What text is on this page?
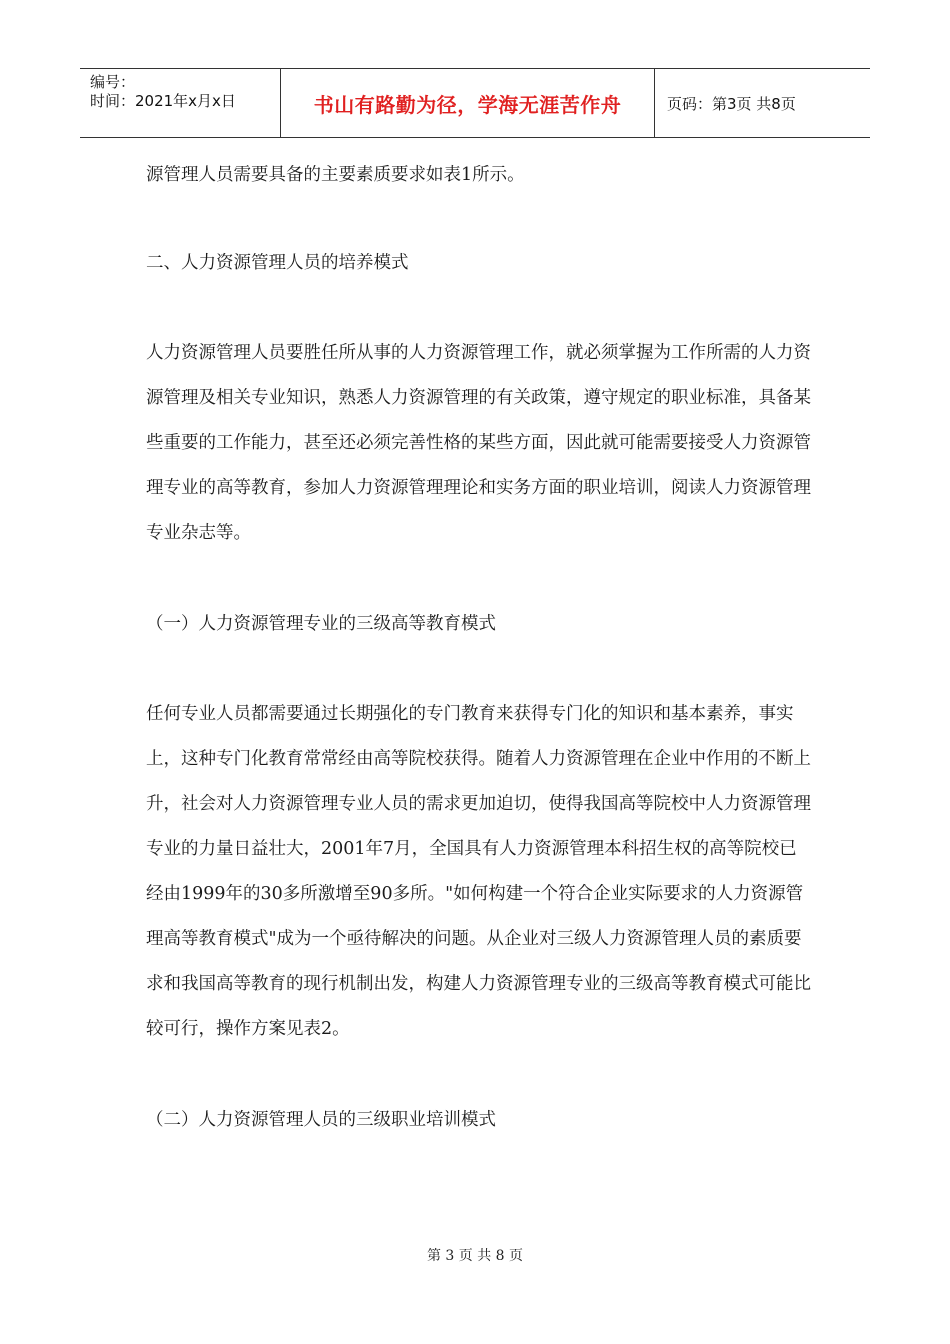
编号：
时间：2021年x月x日	书山有路勤为径，学海无涯苦作舟	页码：第3页 共8页

源管理人员需要具备的主要素质要求如表1所示。

二、人力资源管理人员的培养模式

人力资源管理人员要胜任所从事的人力资源管理工作，就必须掌握为工作所需的人力资源管理及相关专业知识，熟悉人力资源管理的有关政策，遵守规定的职业标准，具备某些重要的工作能力，甚至还必须完善性格的某些方面，因此就可能需要接受人力资源管理专业的高等教育，参加人力资源管理理论和实务方面的职业培训，阅读人力资源管理专业杂志等。

（一）人力资源管理专业的三级高等教育模式

任何专业人员都需要通过长期强化的专门教育来获得专门化的知识和基本素养，事实上，这种专门化教育常常经由高等院校获得。随着人力资源管理在企业中作用的不断上升，社会对人力资源管理专业人员的需求更加迫切，使得我国高等院校中人力资源管理专业的力量日益壮大，2001年7月，全国具有人力资源管理本科招生权的高等院校已经由1999年的30多所激增至90多所。"如何构建一个符合企业实际要求的人力资源管理高等教育模式"成为一个亟待解决的问题。从企业对三级人力资源管理人员的素质要求和我国高等教育的现行机制出发，构建人力资源管理专业的三级高等教育模式可能比较可行，操作方案见表2。

（二）人力资源管理人员的三级职业培训模式

第 3 页 共 8 页
